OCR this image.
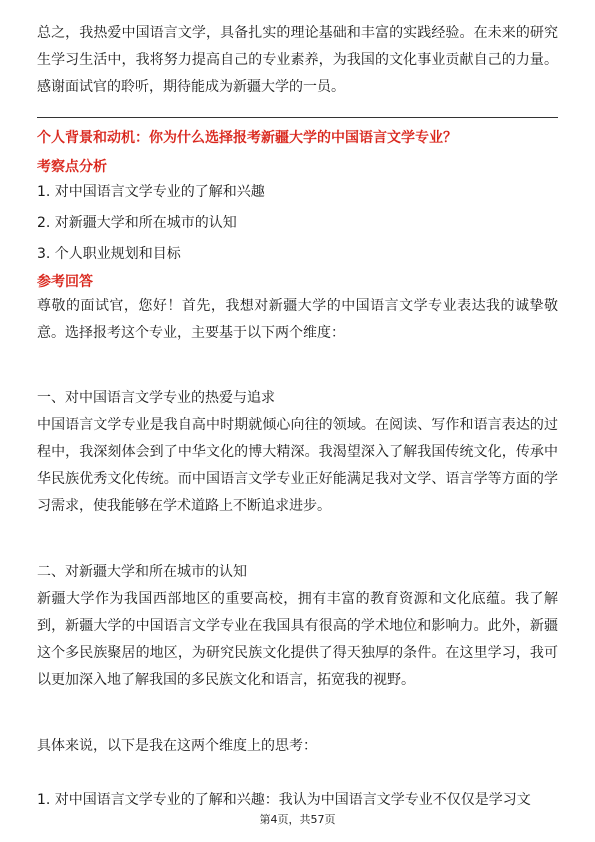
总之，我热爱中国语言文学，具备扎实的理论基础和丰富的实践经验。在未来的研究生学习生活中，我将努力提高自己的专业素养，为我国的文化事业贡献自己的力量。感谢面试官的聆听，期待能成为新疆大学的一员。

个人背景和动机：你为什么选择报考新疆大学的中国语言文学专业？

考察点分析

1. 对中国语言文学专业的了解和兴趣
2. 对新疆大学和所在城市的认知
3. 个人职业规划和目标

参考回答

尊敬的面试官，您好！首先，我想对新疆大学的中国语言文学专业表达我的诚挚敬意。选择报考这个专业，主要基于以下两个维度：

一、对中国语言文学专业的热爱与追求

中国语言文学专业是我自高中时期就倾心向往的领域。在阅读、写作和语言表达的过程中，我深刻体会到了中华文化的博大精深。我渴望深入了解我国传统文化，传承中华民族优秀文化传统。而中国语言文学专业正好能满足我对文学、语言学等方面的学习需求，使我能够在学术道路上不断追求进步。

二、对新疆大学和所在城市的认知

新疆大学作为我国西部地区的重要高校，拥有丰富的教育资源和文化底蕴。我了解到，新疆大学的中国语言文学专业在我国具有很高的学术地位和影响力。此外，新疆这个多民族聚居的地区，为研究民族文化提供了得天独厚的条件。在这里学习，我可以更加深入地了解我国的多民族文化和语言，拓宽我的视野。

具体来说，以下是我在这两个维度上的思考：

1. 对中国语言文学专业的了解和兴趣：我认为中国语言文学专业不仅仅是学习文

第4页，共57页
